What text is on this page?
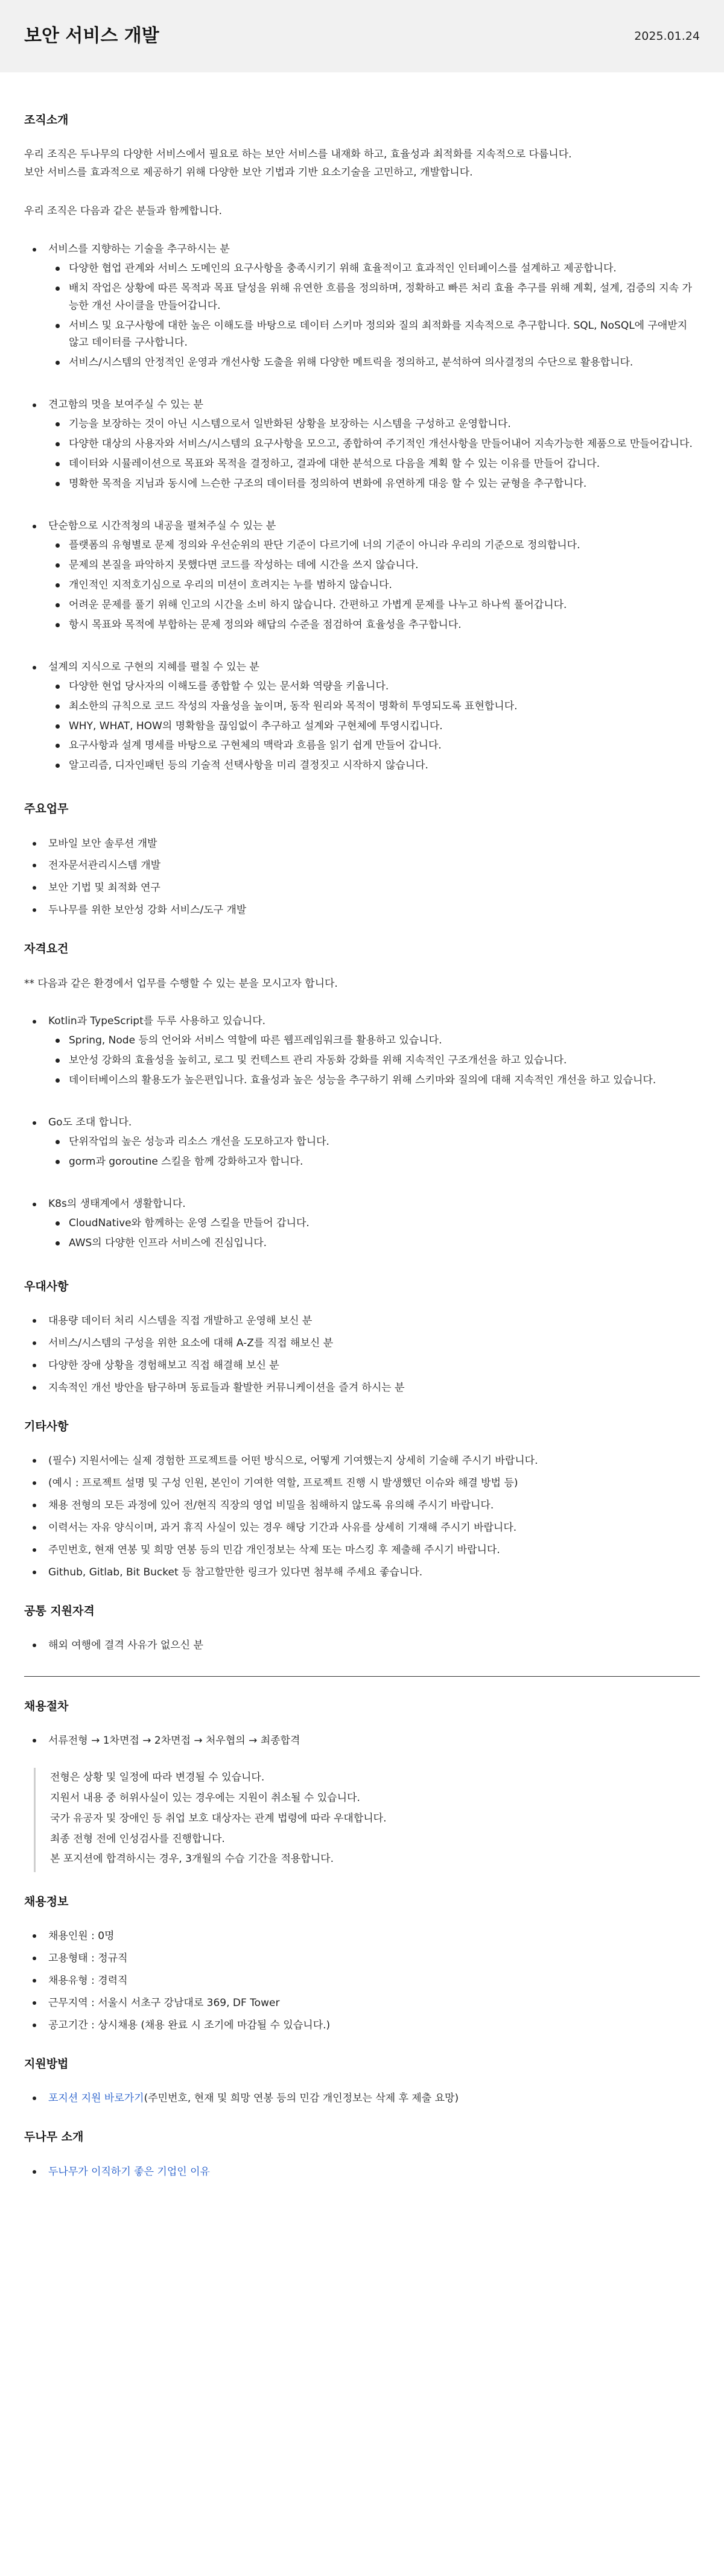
보안 서비스 개발	2025.01.24
조직소개

우리 조직은 두나무의 다양한 서비스에서 필요로 하는 보안 서비스를 내재화 하고, 효율성과 최적화를 지속적으로 다룹니다.

보안 서비스를 효과적으로 제공하기 위해 다양한 보안 기법과 기반 요소기술을 고민하고, 개발합니다.

우리 조직은 다음과 같은 분들과 함께합니다.

서비스를 지향하는 기술을 추구하시는 분
다양한 협업 관계와 서비스 도메인의 요구사항을 충족시키기 위해 효율적이고 효과적인 인터페이스를 설계하고 제공합니다.
배치 작업은 상황에 따른 목적과 목표 달성을 위해 유연한 흐름을 정의하며, 정확하고 빠른 처리 효율 추구를 위해 계획, 설계, 검증의 지속 가능한 개선 사이클을 만들어갑니다.
서비스 및 요구사항에 대한 높은 이해도를 바탕으로 데이터 스키마 정의와 질의 최적화를 지속적으로 추구합니다. SQL, NoSQL에 구애받지 않고 데이터를 구사합니다.
서비스/시스템의 안정적인 운영과 개선사항 도출을 위해 다양한 메트릭을 정의하고, 분석하여 의사결정의 수단으로 활용합니다.
견고함의 멋을 보여주실 수 있는 분
기능을 보장하는 것이 아닌 시스템으로서 일반화된 상황을 보장하는 시스템을 구성하고 운영합니다.
다양한 대상의 사용자와 서비스/시스템의 요구사항을 모으고, 종합하여 주기적인 개선사항을 만들어내어 지속가능한 제품으로 만들어갑니다.
데이터와 시뮬레이션으로 목표와 목적을 결정하고, 결과에 대한 분석으로 다음을 계획 할 수 있는 이유를 만들어 갑니다.
명확한 목적을 지님과 동시에 느슨한 구조의 데이터를 정의하여 변화에 유연하게 대응 할 수 있는 균형을 추구합니다.
단순함으로 시간적쳥의 내공을 펼쳐주실 수 있는 분
플랫폼의 유형별로 문제 정의와 우선순위의 판단 기준이 다르기에 너의 기준이 아니라 우리의 기준으로 정의합니다.
문제의 본질을 파악하지 못했다면 코드를 작성하는 데에 시간을 쓰지 않습니다.
개인적인 지적호기심으로 우리의 미션이 흐려지는 누를 범하지 않습니다.
어려운 문제를 풀기 위해 인고의 시간을 소비 하지 않습니다. 간편하고 가볍게 문제를 나누고 하나씩 풀어갑니다.
항시 목표와 목적에 부합하는 문제 정의와 해답의 수준을 점검하여 효율성을 추구합니다.
설계의 지식으로 구현의 지혜를 펼칠 수 있는 분
다양한 현업 당사자의 이해도를 종합할 수 있는 문서화 역량을 키웁니다.
최소한의 규칙으로 코드 작성의 자율성을 높이며, 동작 원리와 목적이 명확히 투영되도록 표현합니다.
WHY, WHAT, HOW의 명확함을 끊임없이 추구하고 설계와 구현체에 투영시킵니다.
요구사항과 설계 명세를 바탕으로 구현체의 맥락과 흐름을 읽기 쉽게 만들어 갑니다.
알고리즘, 디자인패턴 등의 기술적 선택사항을 미리 결정짓고 시작하지 않습니다.
주요업무
모바일 보안 솔루션 개발
전자문서관리시스템 개발
보안 기법 및 최적화 연구
두나무를 위한 보안성 강화 서비스/도구 개발
자격요건

** 다음과 같은 환경에서 업무를 수행할 수 있는 분을 모시고자 합니다.

Kotlin과 TypeScript를 두루 사용하고 있습니다.
Spring, Node 등의 언어와 서비스 역할에 따른 웹프레임워크를 활용하고 있습니다.
보안성 강화의 효율성을 높히고, 로그 및 컨텍스트 관리 자동화 강화를 위해 지속적인 구조개선을 하고 있습니다.
데이터베이스의 활용도가 높은편입니다. 효율성과 높은 성능을 추구하기 위해 스키마와 질의에 대해 지속적인 개선을 하고 있습니다.
Go도 조대 합니다.
단위작업의 높은 성능과 리소스 개선을 도모하고자 합니다.
gorm과 goroutine 스킬을 함께 강화하고자 합니다.
K8s의 생태계에서 생활합니다.
CloudNative와 함께하는 운영 스킬을 만들어 갑니다.
AWS의 다양한 인프라 서비스에 진심입니다.
우대사항
대용량 데이터 처리 시스템을 직접 개발하고 운영해 보신 분
서비스/시스템의 구성을 위한 요소에 대해 A-Z를 직접 해보신 분
다양한 장애 상황을 경험해보고 직접 해결해 보신 분
지속적인 개선 방안을 탐구하며 동료들과 활발한 커뮤니케이션을 즐겨 하시는 분
기타사항
(필수) 지원서에는 실제 경험한 프로젝트를 어떤 방식으로, 어떻게 기여했는지 상세히 기술해 주시기 바랍니다.
(예시 : 프로젝트 설명 및 구성 인원, 본인이 기여한 역할, 프로젝트 진행 시 발생했던 이슈와 해결 방법 등)
채용 전형의 모든 과정에 있어 전/현직 직장의 영업 비밀을 침해하지 않도록 유의해 주시기 바랍니다.
이력서는 자유 양식이며, 과거 휴직 사실이 있는 경우 해당 기간과 사유를 상세히 기재해 주시기 바랍니다.
주민번호, 현재 연봉 및 희망 연봉 등의 민감 개인정보는 삭제 또는 마스킹 후 제출해 주시기 바랍니다.
Github, Gitlab, Bit Bucket 등 참고할만한 링크가 있다면 첨부해 주세요 좋습니다.
공통 지원자격
해외 여행에 결격 사유가 없으신 분
채용절차
서류전형 → 1차면접 → 2차면접 → 처우협의 → 최종합격

전형은 상황 및 일정에 따라 변경될 수 있습니다.

지원서 내용 중 허위사실이 있는 경우에는 지원이 취소될 수 있습니다.

국가 유공자 및 장애인 등 취업 보호 대상자는 관계 법령에 따라 우대합니다.

최종 전형 전에 인성검사를 진행합니다.

본 포지션에 합격하시는 경우, 3개월의 수습 기간을 적용합니다.

채용정보
채용인원 : 0명
고용형태 : 정규직
채용유형 : 경력직
근무지역 : 서울시 서초구 강남대로 369, DF Tower
공고기간 : 상시채용 (채용 완료 시 조기에 마감될 수 있습니다.)
지원방법
포지션 지원 바로가기(주민번호, 현재 및 희망 연봉 등의 민감 개인정보는 삭제 후 제출 요망)
두나무 소개
두나무가 이직하기 좋은 기업인 이유
